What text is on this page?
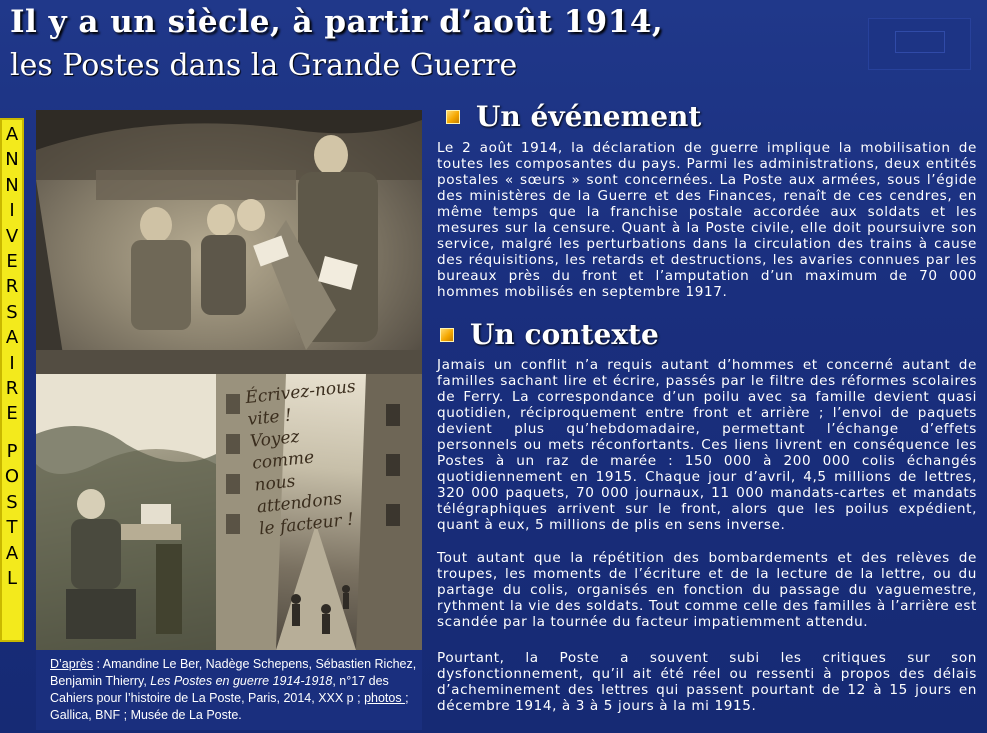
Il y a un siècle, à partir d’août 1914,
les Postes dans la Grande Guerre
A
N
N
I
V
E
R
S
A
I
R
E
P
O
S
T
A
L
Écrivez-nous
vite !
Voyez
comme
nous
attendons
le facteur !
D’après : Amandine Le Ber, Nadège Schepens, Sébastien Richez, Benjamin Thierry, Les Postes en guerre 1914-1918, n°17 des Cahiers pour l’histoire de La Poste, Paris, 2014, XXX p ; photos ; Gallica, BNF ; Musée de La Poste.
Un événement
Le 2 août 1914, la déclaration de guerre implique la mobilisation de toutes les composantes du pays. Parmi les administrations, deux entités postales « sœurs » sont concernées. La Poste aux armées, sous l’égide des ministères de la Guerre et des Finances, renaît de ces cendres, en même temps que la franchise postale accordée aux soldats et les mesures sur la censure. Quant à la Poste civile, elle doit poursuivre son service, malgré les perturbations dans la circulation des trains à cause des réquisitions, les retards et destructions, les avaries connues par les bureaux près du front et l’amputation d’un maximum de 70 000 hommes mobilisés en septembre 1917.
Un contexte
Jamais un conflit n’a requis autant d’hommes et concerné autant de familles sachant lire et écrire, passés par le filtre des réformes scolaires de Ferry. La correspondance d’un poilu avec sa famille devient quasi quotidien, réciproquement entre front et arrière ; l’envoi de paquets devient plus qu’hebdomadaire, permettant l’échange d’effets personnels ou mets réconfortants. Ces liens livrent en conséquence les Postes à un raz de marée : 150 000 à 200 000 colis échangés quotidiennement en 1915. Chaque jour d’avril, 4,5 millions de lettres, 320 000 paquets, 70 000 journaux, 11 000 mandats-cartes et mandats télégraphiques arrivent sur le front, alors que les poilus expédient, quant à eux, 5 millions de plis en sens inverse.
Tout autant que la répétition des bombardements et des relèves de troupes, les moments de l’écriture et de la lecture de la lettre, ou du partage du colis, organisés en fonction du passage du vaguemestre, rythment la vie des soldats. Tout comme celle des familles à l’arrière est scandée par la tournée du facteur impatiemment attendu.
Pourtant, la Poste a souvent subi les critiques sur son dysfonctionnement, qu’il ait été réel ou ressenti à propos des délais d’acheminement des lettres qui passent pourtant de 12 à 15 jours en décembre 1914, à 3 à 5 jours à la mi 1915.
